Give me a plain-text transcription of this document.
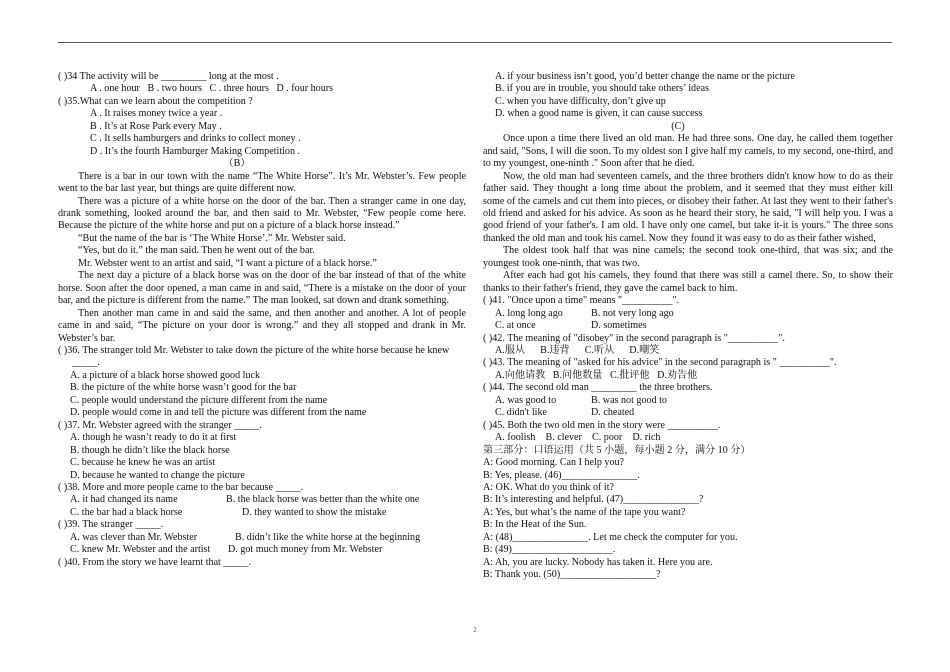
( )34 The activity will be _________ long at the most .

A . one hour   B . two hours   C . three hours   D . four hours

( )35.What can we learn about the competition ?

A . It raises money twice a year .

B . It’s at Rose Park every May .

C . It sells hamburgers and drinks to collect money .

D . It’s the fourth Hamburger Making Competition .

（B）

There is a bar in our town with the name “The White Horse”. It’s Mr. Webster’s. Few people went to the bar last year, but things are quite different now.

There was a picture of a white horse on the door of the bar. Then a stranger came in one day, drank something, looked around the bar, and then said to Mr. Webster, “Few people come here. Because the picture of the white horse and put on a picture of a black horse instead.”

“But the name of the bar is ‘The White Horse’.” Mr. Webster said.

“Yes, but do it.” the man said. Then he went out of the bar.

Mr. Webster went to an artist and said, “I want a picture of a black horse.”

The next day a picture of a black horse was on the door of the bar instead of that of the white horse. Soon after the door opened, a man came in and said, “There is a mistake on the door of your bar, and the picture is different from the name.” The man looked, sat down and drank something.

Then another man came in and said the same, and then another and another. A lot of people came in and said, “The picture on your door is wrong.” and they all stopped and drank in Mr. Webster’s bar.

( )36. The stranger told Mr. Webster to take down the picture of the white horse because he knew _____.

A. a picture of a black horse showed good luck

B. the picture of the white horse wasn’t good for the bar

C. people would understand the picture different from the name

D. people would come in and tell the picture was different from the name

( )37. Mr. Webster agreed with the stranger _____.

A. though he wasn’t ready to do it at first

B. though he didn’t like the black horse

C. because he knew he was an artist

D. because he wanted to change the picture

( )38. More and more people came to the bar because _____.

A. it had changed its name	B. the black horse was better than the white one
C. the bar had a black horse	D. they wanted to show the mistake

( )39. The stranger _____.

A. was clever than Mr. Webster	B. didn’t like the white horse at the beginning
C. knew Mr. Webster and the artist	D. got much money from Mr. Webster

( )40. From the story we have learnt that _____.

A. if your business isn’t good, you’d better change the name or the picture

B. if you are in trouble, you should take others’ ideas

C. when you have difficulty, don’t give up

D. when a good name is given, it can cause success

(C)

Once upon a time there lived an old man. He had three sons. One day, he called them together and said, "Sons, I will die soon. To my oldest son I give half my camels, to my second, one-third, and to my youngest, one-ninth ." Soon after that he died.

Now, the old man had seventeen camels, and the three brothers didn't know how to do as their father said. They thought a long time about the problem, and it seemed that they must either kill some of the camels and cut them into pieces, or disobey their father. At last they went to their father's old friend and asked for his advice. As soon as he heard their story, he said, "I will help you. I was a good friend of your father's. I am old. I have only one camel, but take it-it is yours." The three sons thanked the old man and took his camel. Now they found it was easy to do as their father wished,

The oldest took half that was nine camels; the second took one-third, that was six; and the youngest took one-ninth, that was two.

After each had got his camels, they found that there was still a camel there. So, to show their thanks to their father's friend, they gave the camel back to him.

( )41. "Once upon a time" means "__________".

A. long long ago	B. not very long ago
C. at once	D. sometimes

( )42. The meaning of "disobey" in the second paragraph is "__________".

A.服从      B.违背      C.听从      D.嘲笑

( )43. The meaning of "asked for his advice" in the second paragraph is " __________".

A.向他请教   B.问他数量   C.批评他   D.劝告他

( )44. The second old man _________ the three brothers.

A. was good to	B. was not good to
C. didn't like	D. cheated

( )45. Both the two old men in the story were __________.

A. foolish    B. clever    C. poor    D. rich

第三部分：口语运用（共 5 小题，每小题 2 分，满分 10 分）

A: Good morning. Can I help you?

B: Yes, please. (46)_______________.

A: OK. What do you think of it?

B: It’s interesting and helpful. (47)_______________?

A: Yes, but what’s the name of the tape you want?

B: In the Heat of the Sun.

A: (48)_______________. Let me check the computer for you.

B: (49)____________________.

A: Ah, you are lucky. Nobody has taken it. Here you are.

B: Thank you. (50)___________________?

2
